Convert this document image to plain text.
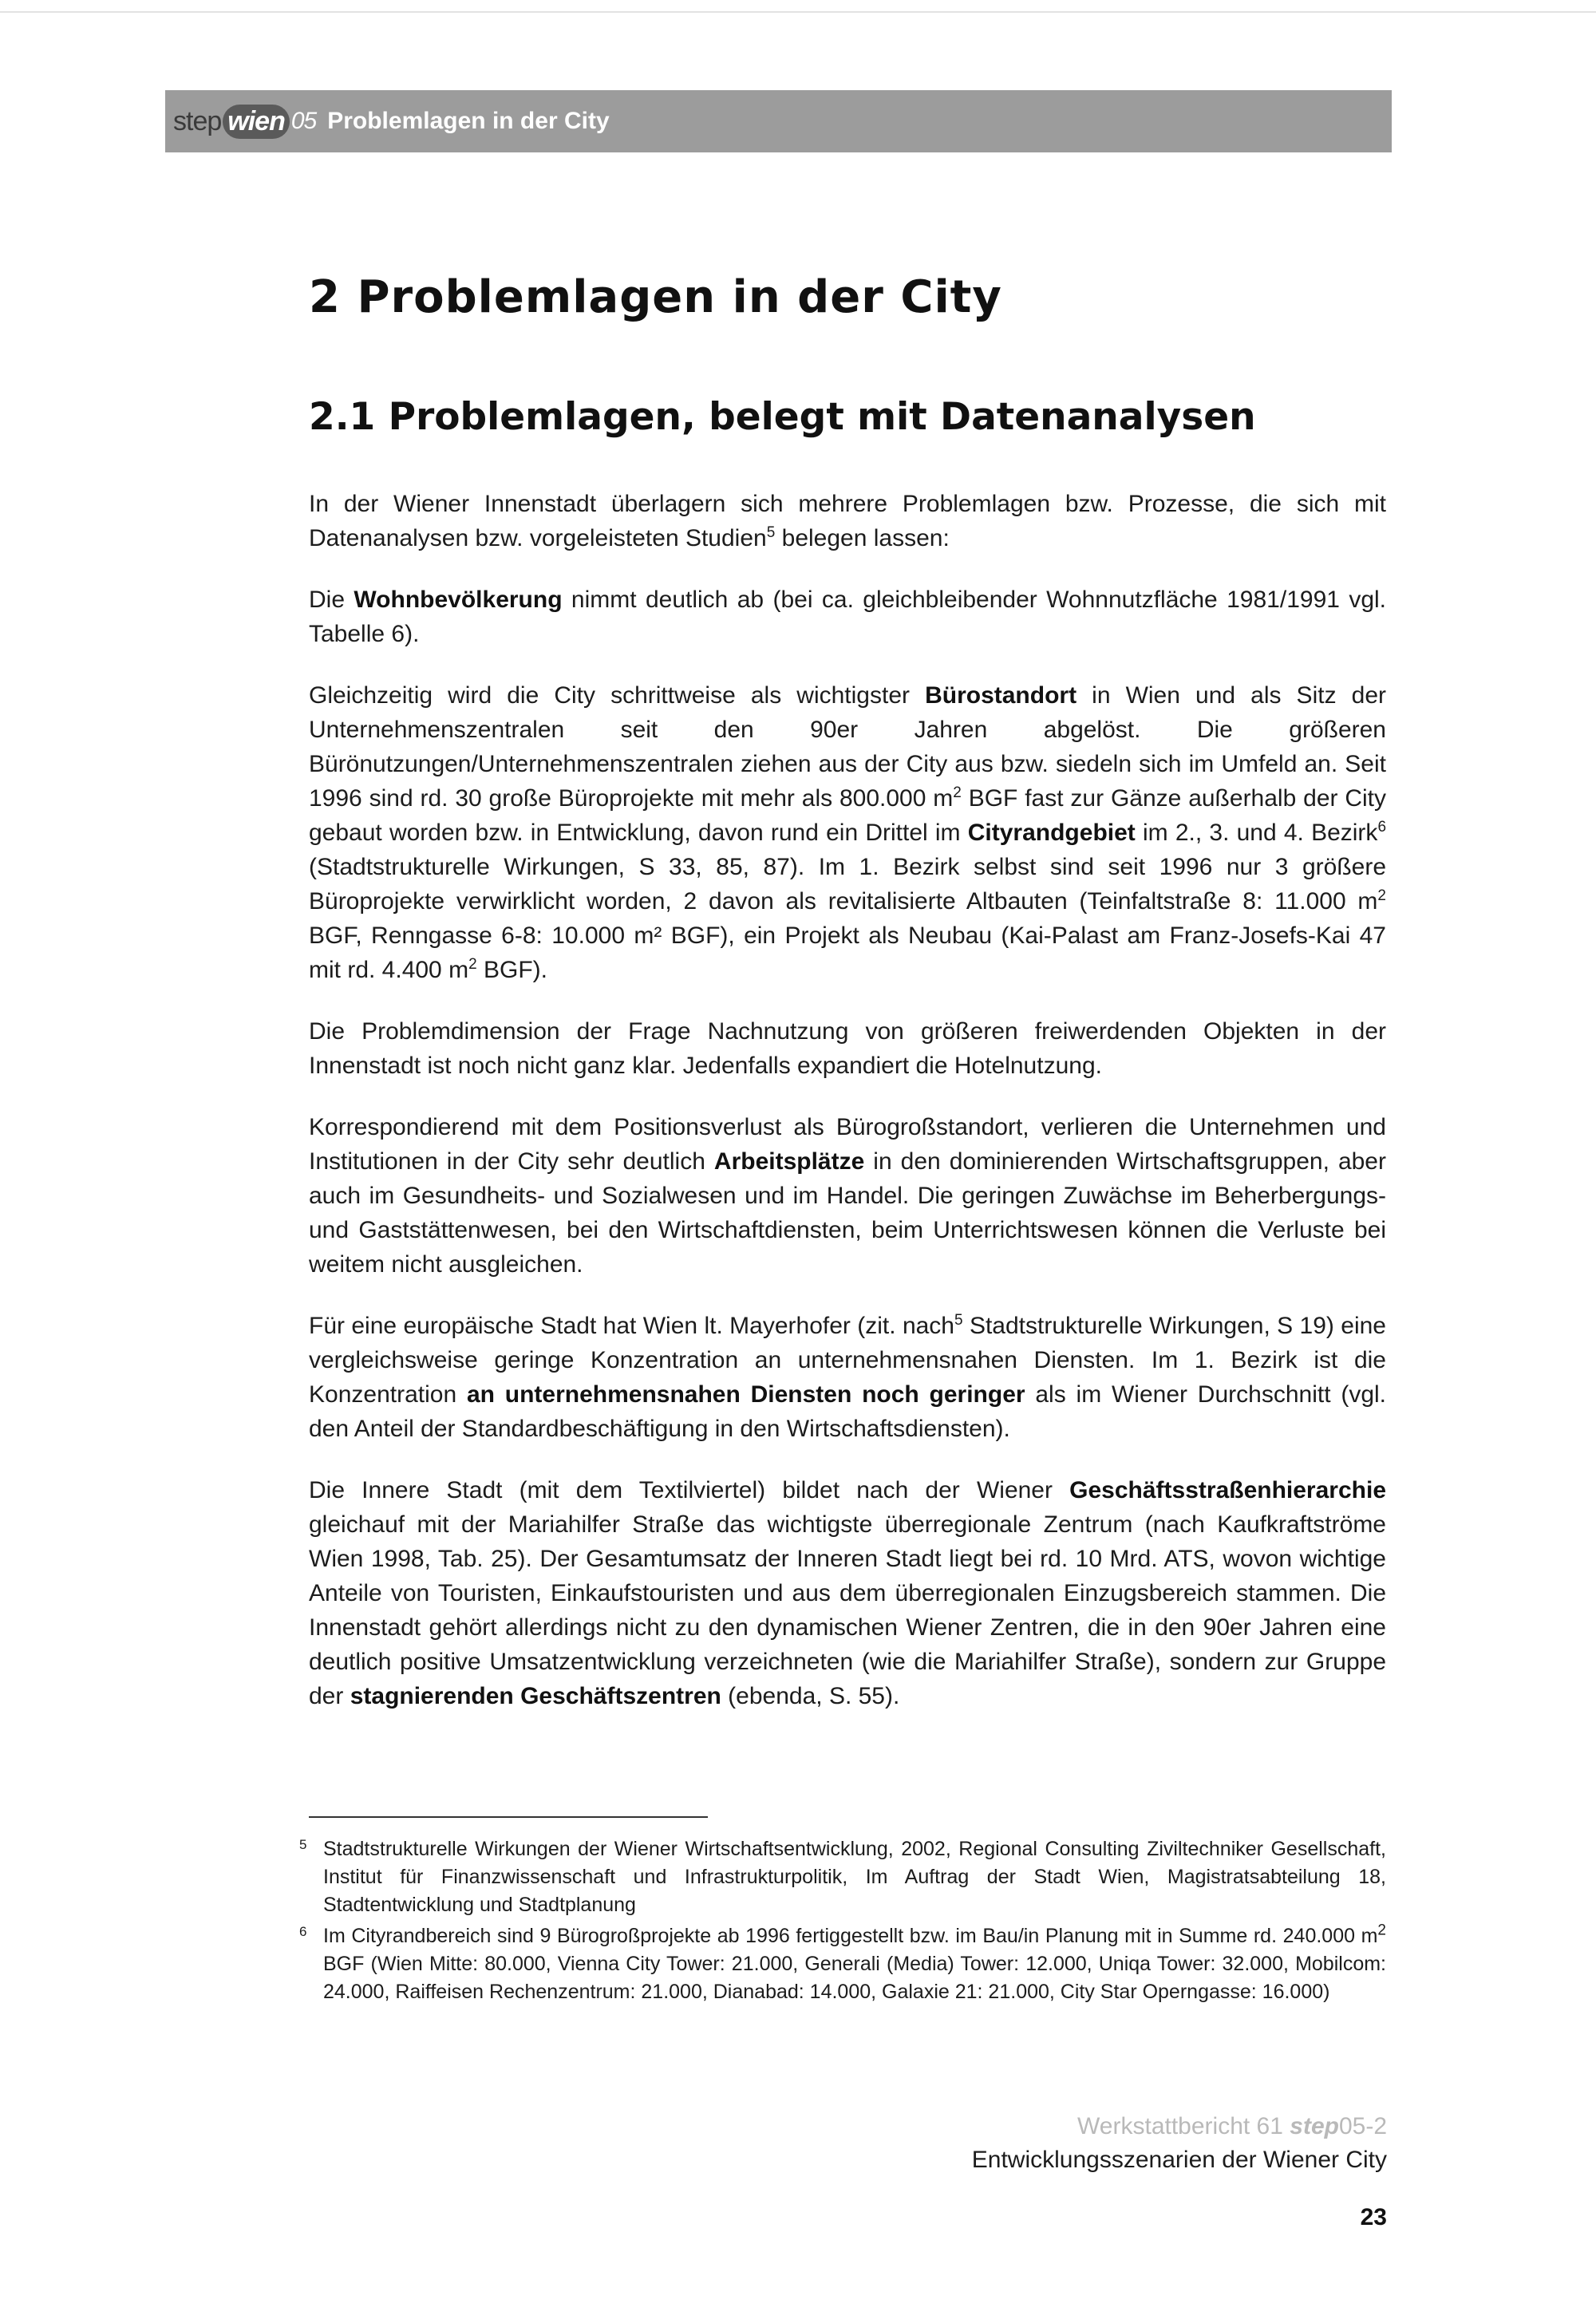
step wien 05 Problemlagen in der City
2 Problemlagen in der City
2.1 Problemlagen, belegt mit Datenanalysen

In der Wiener Innenstadt überlagern sich mehrere Problemlagen bzw. Prozesse, die sich mit Datenanalysen bzw. vorgeleisteten Studien$^5$ belegen lassen:

Die Wohnbevölkerung nimmt deutlich ab (bei ca. gleichbleibender Wohnnutzfläche 1981/1991 vgl. Tabelle 6).

Gleichzeitig wird die City schrittweise als wichtigster Bürostandort in Wien und als Sitz der Unternehmenszentralen seit den 90er Jahren abgelöst. Die größeren Bürönutzungen/Unternehmenszentralen ziehen aus der City aus bzw. siedeln sich im Umfeld an. Seit 1996 sind rd. 30 große Büroprojekte mit mehr als 800.000 $m^2$ BGF fast zur Gänze außerhalb der City gebaut worden bzw. in Entwicklung, davon rund ein Drittel im Cityrandgebiet im 2., 3. und 4. Bezirk$^6$ (Stadtstrukturelle Wirkungen, S 33, 85, 87). Im 1. Bezirk selbst sind seit 1996 nur 3 größere Büroprojekte verwirklicht worden, 2 davon als revitalisierte Altbauten (Teinfaltstraße 8: 11.000 $m^2$ BGF, Renngasse 6-8: 10.000 m² BGF), ein Projekt als Neubau (Kai-Palast am Franz-Josefs-Kai 47 mit rd. 4.400 $m^2$ BGF).

Die Problemdimension der Frage Nachnutzung von größeren freiwerdenden Objekten in der Innenstadt ist noch nicht ganz klar. Jedenfalls expandiert die Hotelnutzung.

Korrespondierend mit dem Positionsverlust als Bürogroßstandort, verlieren die Unternehmen und Institutionen in der City sehr deutlich Arbeitsplätze in den dominierenden Wirtschaftsgruppen, aber auch im Gesundheits- und Sozialwesen und im Handel. Die geringen Zuwächse im Beherbergungs- und Gaststättenwesen, bei den Wirtschaftdiensten, beim Unterrichtswesen können die Verluste bei weitem nicht ausgleichen.

Für eine europäische Stadt hat Wien lt. Mayerhofer (zit. nach$^5$ Stadtstrukturelle Wirkungen, S 19) eine vergleichsweise geringe Konzentration an unternehmensnahen Diensten. Im 1. Bezirk ist die Konzentration an unternehmensnahen Diensten noch geringer als im Wiener Durchschnitt (vgl. den Anteil der Standardbeschäftigung in den Wirtschaftsdiensten).

Die Innere Stadt (mit dem Textilviertel) bildet nach der Wiener Geschäftsstraßenhierarchie gleichauf mit der Mariahilfer Straße das wichtigste überregionale Zentrum (nach Kaufkraftströme Wien 1998, Tab. 25). Der Gesamtumsatz der Inneren Stadt liegt bei rd. 10 Mrd. ATS, wovon wichtige Anteile von Touristen, Einkaufstouristen und aus dem überregionalen Einzugsbereich stammen. Die Innenstadt gehört allerdings nicht zu den dynamischen Wiener Zentren, die in den 90er Jahren eine deutlich positive Umsatzentwicklung verzeichneten (wie die Mariahilfer Straße), sondern zur Gruppe der stagnierenden Geschäftszentren (ebenda, S. 55).

5 Stadtstrukturelle Wirkungen der Wiener Wirtschaftsentwicklung, 2002, Regional Consulting Ziviltechniker Gesellschaft, Institut für Finanzwissenschaft und Infrastrukturpolitik, Im Auftrag der Stadt Wien, Magistratsabteilung 18, Stadtentwicklung und Stadtplanung
6 Im Cityrandbereich sind 9 Bürogroßprojekte ab 1996 fertiggestellt bzw. im Bau/in Planung mit in Summe rd. 240.000 $m^2$ BGF (Wien Mitte: 80.000, Vienna City Tower: 21.000, Generali (Media) Tower: 12.000, Uniqa Tower: 32.000, Mobilcom: 24.000, Raiffeisen Rechenzentrum: 21.000, Dianabad: 14.000, Galaxie 21: 21.000, City Star Operngasse: 16.000)
Werkstattbericht 61 step05-2
Entwicklungsszenarien der Wiener City
23
